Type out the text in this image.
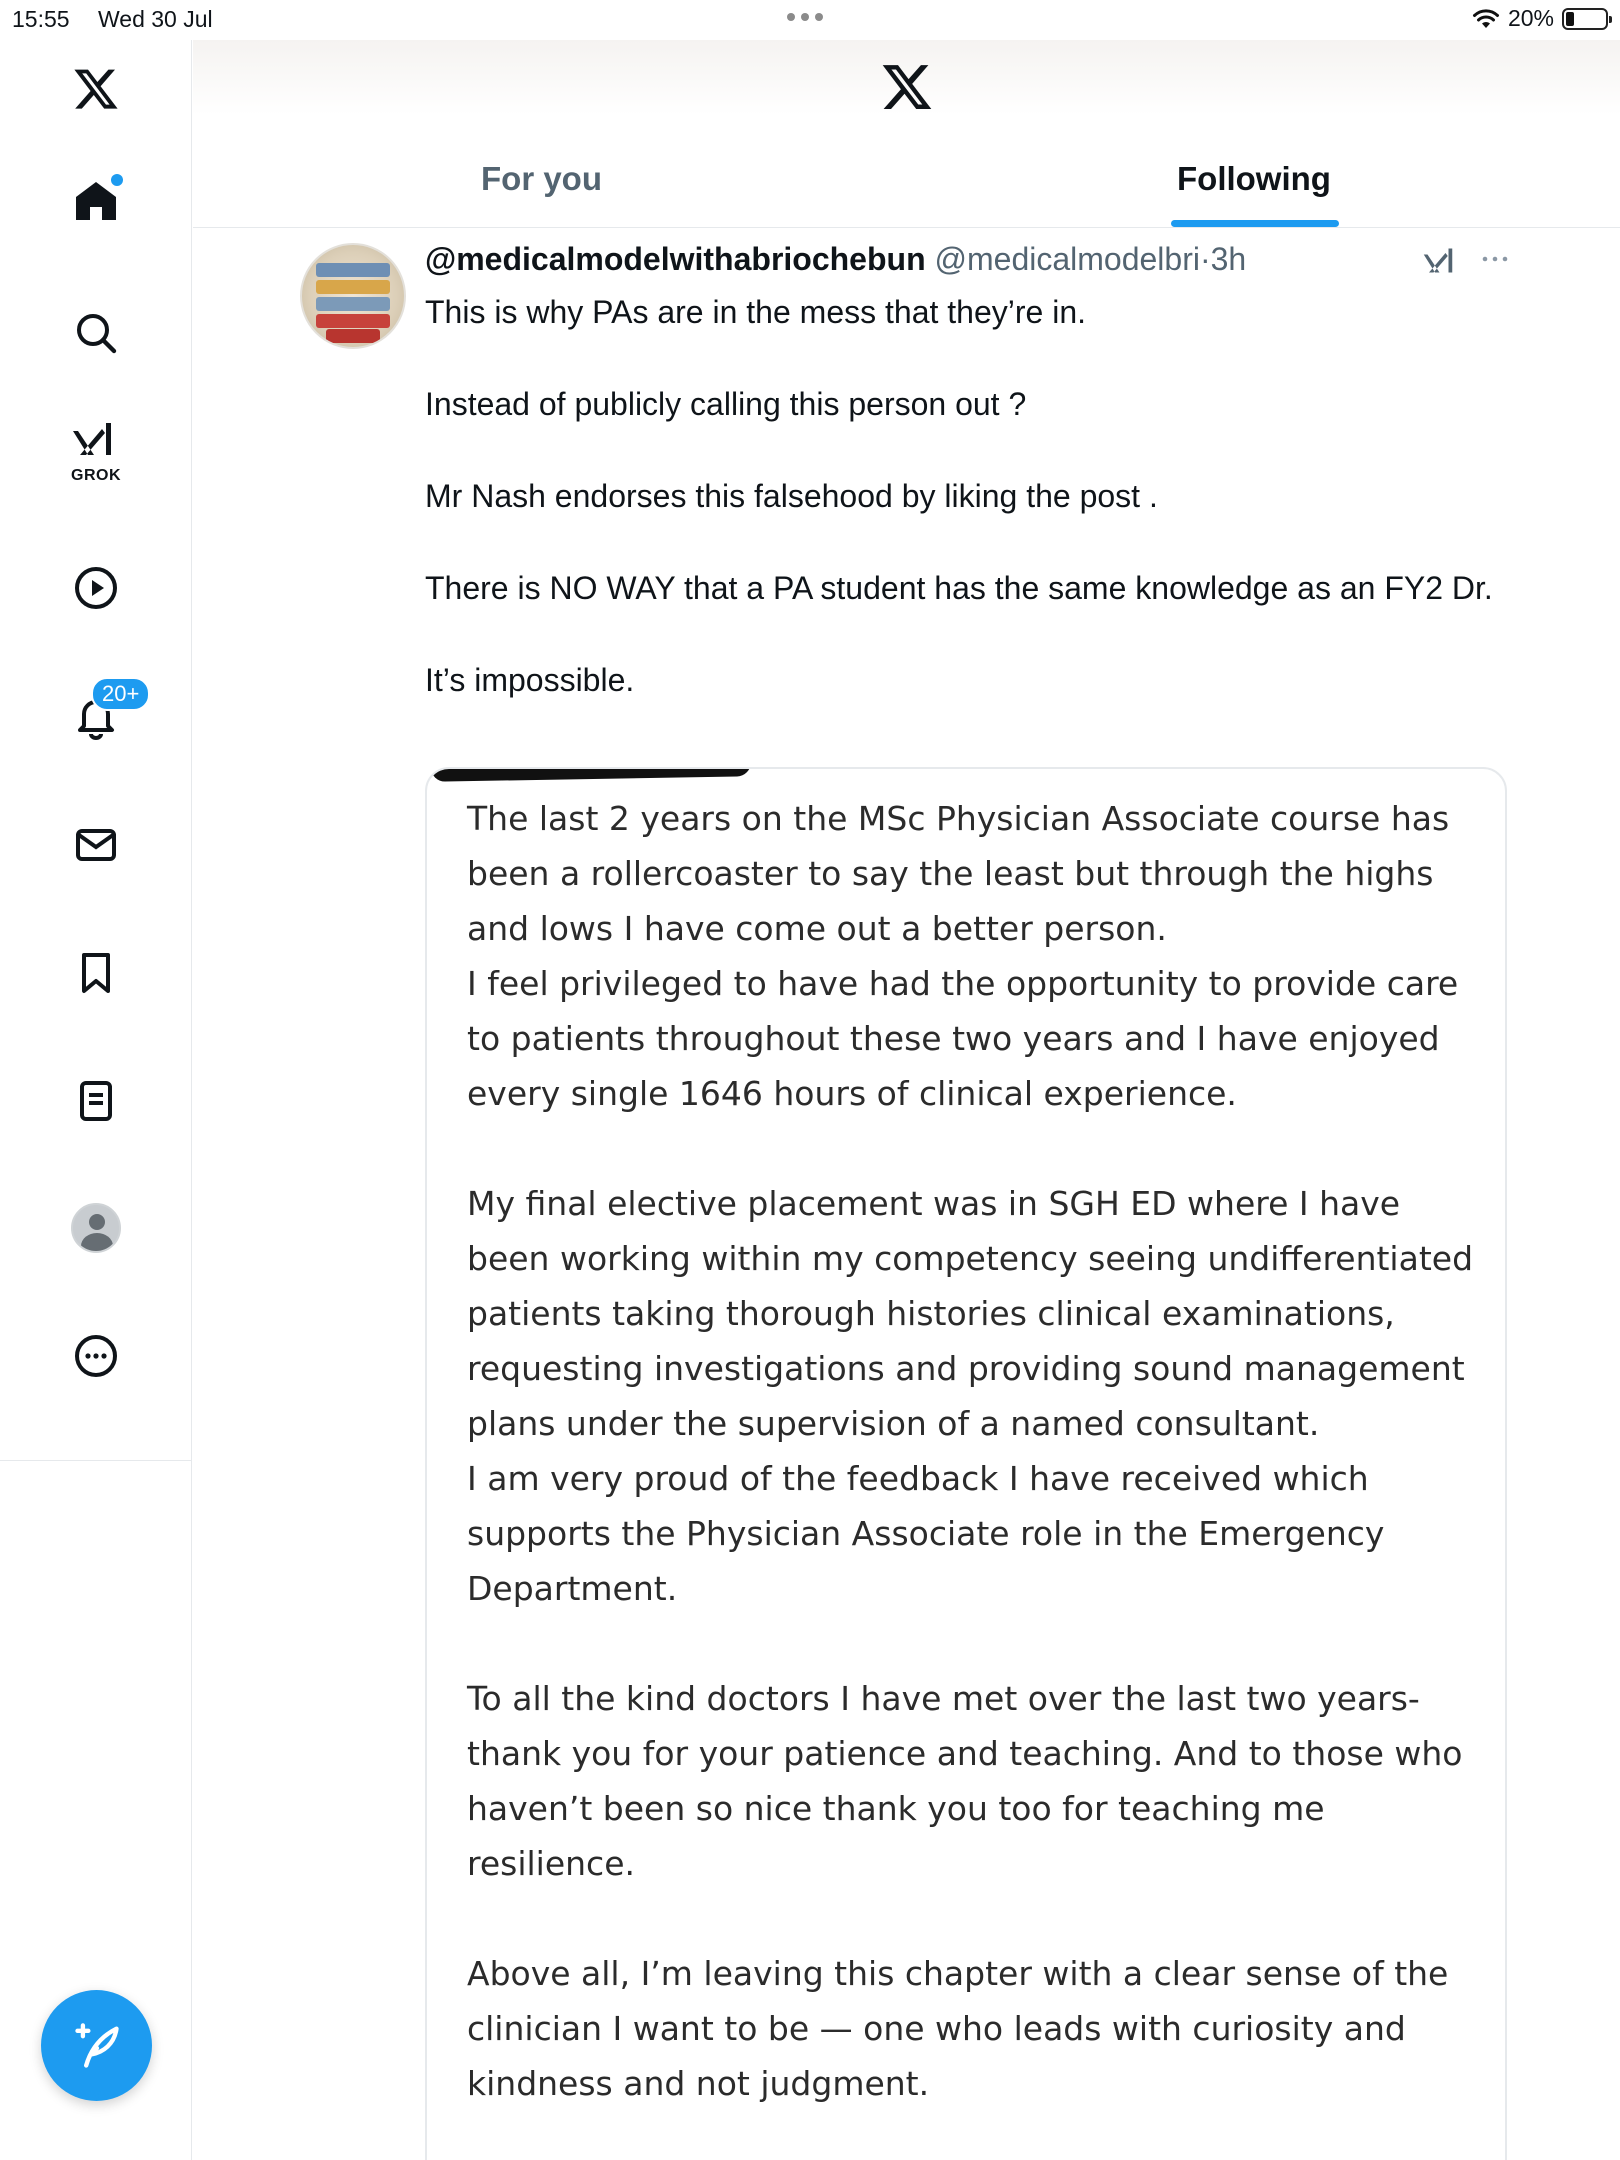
15:55 Wed 30 Jul	20%
GROK
20+
For you	Following
@medicalmodelwithabriochebun @medicalmodelbri·3h

This is why PAs are in the mess that they’re in.

Instead of publicly calling this person out ?

Mr Nash endorses this falsehood by liking the post .

There is NO WAY that a PA student has the same knowledge as an FY2 Dr.

It’s impossible.

The last 2 years on the MSc Physician Associate course has been a rollercoaster to say the least but through the highs and lows I have come out a better person.
I feel privileged to have had the opportunity to provide care to patients throughout these two years and I have enjoyed every single 1646 hours of clinical experience.

My final elective placement was in SGH ED where I have been working within my competency seeing undifferentiated patients taking thorough histories clinical examinations, requesting investigations and providing sound management plans under the supervision of a named consultant.
I am very proud of the feedback I have received which supports the Physician Associate role in the Emergency Department.

To all the kind doctors I have met over the last two years- thank you for your patience and teaching. And to those who haven’t been so nice thank you too for teaching me resilience.

Above all, I’m leaving this chapter with a clear sense of the clinician I want to be — one who leads with curiosity and kindness and not judgment.
